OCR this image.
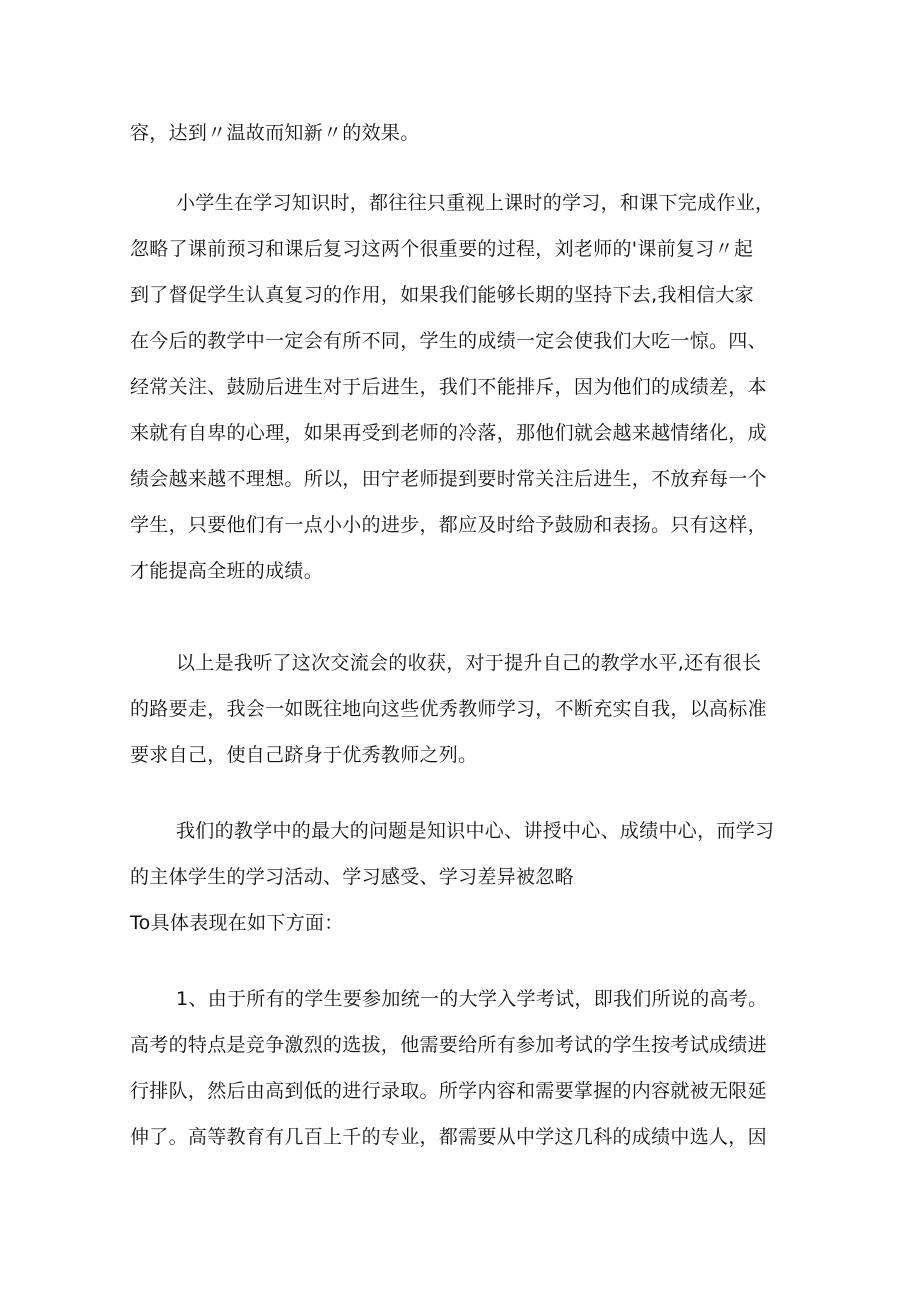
容，达到〃温故而知新〃的效果。

小学生在学习知识时，都往往只重视上课时的学习，和课下完成作业，
忽略了课前预习和课后复习这两个很重要的过程，刘老师的'课前复习〃起
到了督促学生认真复习的作用，如果我们能够长期的坚持下去,我相信大家
在今后的教学中一定会有所不同，学生的成绩一定会使我们大吃一惊。四、
经常关注、鼓励后进生对于后进生，我们不能排斥，因为他们的成绩差，本
来就有自卑的心理，如果再受到老师的冷落，那他们就会越来越情绪化，成
绩会越来越不理想。所以，田宁老师提到要时常关注后进生，不放弃每一个
学生，只要他们有一点小小的进步，都应及时给予鼓励和表扬。只有这样，
才能提高全班的成绩。

以上是我听了这次交流会的收获，对于提升自己的教学水平,还有很长
的路要走，我会一如既往地向这些优秀教师学习，不断充实自我，以高标准
要求自己，使自己跻身于优秀教师之列。

我们的教学中的最大的问题是知识中心、讲授中心、成绩中心，而学习
的主体学生的学习活动、学习感受、学习差异被忽略
To具体表现在如下方面：

1、由于所有的学生要参加统一的大学入学考试，即我们所说的高考。
高考的特点是竞争激烈的选拔，他需要给所有参加考试的学生按考试成绩进
行排队，然后由高到低的进行录取。所学内容和需要掌握的内容就被无限延
伸了。高等教育有几百上千的专业，都需要从中学这几科的成绩中选人，因
